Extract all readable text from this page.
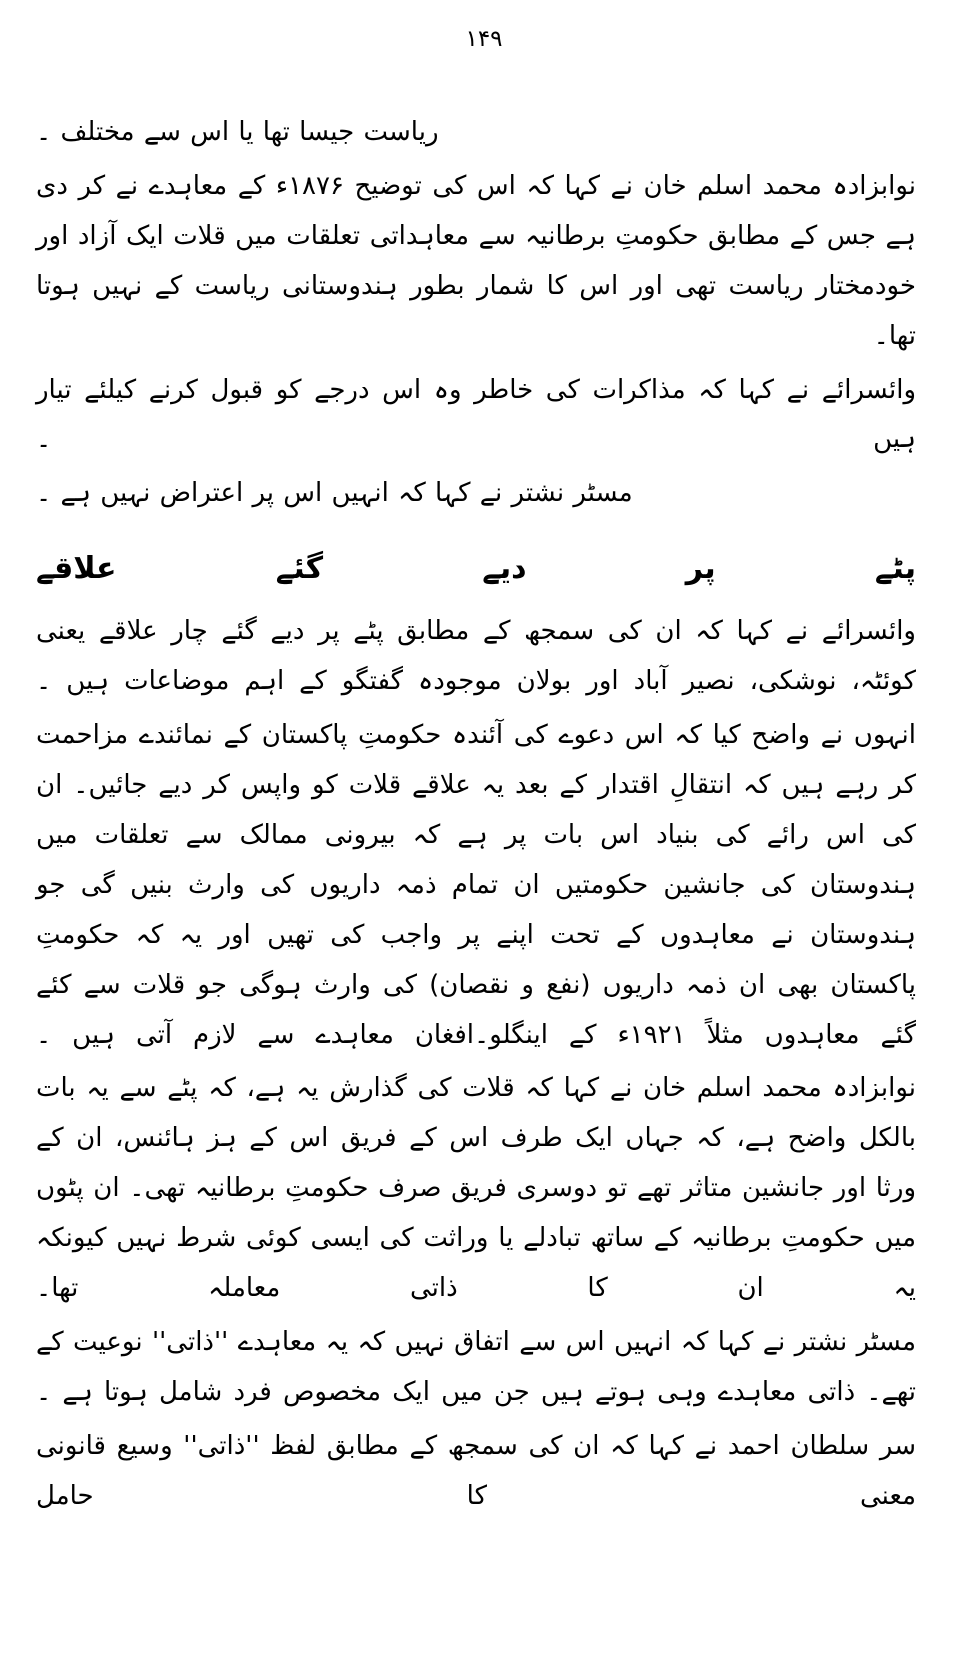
۱۴۹

ریاست جیسا تھا یا اس سے مختلف ۔

نوابزادہ محمد اسلم خان نے کہا کہ اس کی توضیح ۱۸۷۶ء کے معاہدے نے کر دی ہے جس کے مطابق حکومتِ برطانیہ سے معاہداتی تعلقات میں قلات ایک آزاد اور خودمختار ریاست تھی اور اس کا شمار بطور ہندوستانی ریاست کے نہیں ہوتا تھا۔

وائسرائے نے کہا کہ مذاکرات کی خاطر وہ اس درجے کو قبول کرنے کیلئے تیار ہیں ۔

مسٹر نشتر نے کہا کہ انہیں اس پر اعتراض نہیں ہے ۔

پٹے پر دیے گئے علاقے

وائسرائے نے کہا کہ ان کی سمجھ کے مطابق پٹے پر دیے گئے چار علاقے یعنی کوئٹہ، نوشکی، نصیر آباد اور بولان موجودہ گفتگو کے اہم موضاعات ہیں ۔

انہوں نے واضح کیا کہ اس دعوے کی آئندہ حکومتِ پاکستان کے نمائندے مزاحمت کر رہے ہیں کہ انتقالِ اقتدار کے بعد یہ علاقے قلات کو واپس کر دیے جائیں۔ ان کی اس رائے کی بنیاد اس بات پر ہے کہ بیرونی ممالک سے تعلقات میں ہندوستان کی جانشین حکومتیں ان تمام ذمہ داریوں کی وارث بنیں گی جو ہندوستان نے معاہدوں کے تحت اپنے پر واجب کی تھیں اور یہ کہ حکومتِ پاکستان بھی ان ذمہ داریوں (نفع و نقصان) کی وارث ہوگی جو قلات سے کئے گئے معاہدوں مثلاً ۱۹۲۱ء کے اینگلو۔افغان معاہدے سے لازم آتی ہیں ۔

نوابزادہ محمد اسلم خان نے کہا کہ قلات کی گذارش یہ ہے، کہ پٹے سے یہ بات بالکل واضح ہے، کہ جہاں ایک طرف اس کے فریق اس کے ہز ہائنس، ان کے ورثا اور جانشین متاثر تھے تو دوسری فریق صرف حکومتِ برطانیہ تھی۔ ان پٹوں میں حکومتِ برطانیہ کے ساتھ تبادلے یا وراثت کی ایسی کوئی شرط نہیں کیونکہ یہ ان کا ذاتی معاملہ تھا۔

مسٹر نشتر نے کہا کہ انہیں اس سے اتفاق نہیں کہ یہ معاہدے ''ذاتی'' نوعیت کے تھے۔ ذاتی معاہدے وہی ہوتے ہیں جن میں ایک مخصوص فرد شامل ہوتا ہے ۔

سر سلطان احمد نے کہا کہ ان کی سمجھ کے مطابق لفظ ''ذاتی'' وسیع قانونی معنی کا حامل
